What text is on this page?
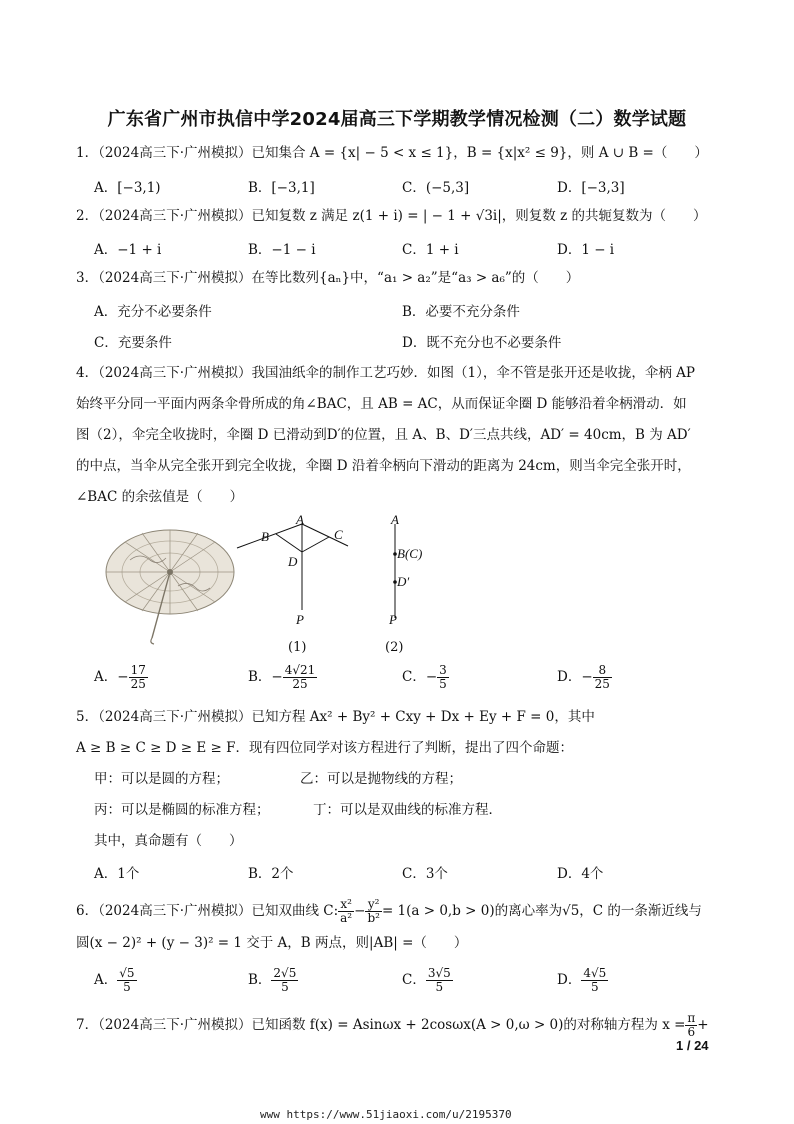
广东省广州市执信中学2024届高三下学期教学情况检测（二）数学试题
1．（2024高三下·广州模拟）已知集合 A = {x| − 5 < x ≤ 1}，B = {x|x² ≤ 9}，则 A ∪ B =（　　）
A．[−3,1)	B．[−3,1]	C．(−5,3]	D．[−3,3]
2．（2024高三下·广州模拟）已知复数 z 满足 z(1 + i) = | − 1 + √3i|，则复数 z 的共轭复数为（　　）
A．−1 + i	B．−1 − i	C．1 + i	D．1 − i
3．（2024高三下·广州模拟）在等比数列{aₙ}中，“a₁ > a₂”是“a₃ > a₆”的（　　）
A．充分不必要条件	B．必要不充分条件
C．充要条件	D．既不充分也不必要条件
4．（2024高三下·广州模拟）我国油纸伞的制作工艺巧妙．如图（1），伞不管是张开还是收拢，伞柄 AP
始终平分同一平面内两条伞骨所成的角∠BAC，且 AB = AC，从而保证伞圈 D 能够沿着伞柄滑动．如
图（2），伞完全收拢时，伞圈 D 已滑动到D′的位置，且 A、B、D′三点共线，AD′ = 40cm，B 为 AD′
的中点，当伞从完全张开到完全收拢，伞圈 D 沿着伞柄向下滑动的距离为 24cm，则当伞完全张开时，
∠BAC 的余弦值是（　　）
A
B	C
D
P
(1)
A
B(C)
D′
P
(2)
A．− $\frac{17}{25}$	B．− $\frac{4√21}{25}$	C．− $\frac{3}{5}$	D．− $\frac{8}{25}$
5．（2024高三下·广州模拟）已知方程 Ax² + By² + Cxy + Dx + Ey + F = 0，其中
A ≥ B ≥ C ≥ D ≥ E ≥ F．现有四位同学对该方程进行了判断，提出了四个命题：
甲：可以是圆的方程；	乙：可以是抛物线的方程；
丙：可以是椭圆的标准方程；	丁：可以是双曲线的标准方程．
其中，真命题有（　　）
A．1个	B．2个	C．3个	D．4个
6．（2024高三下·广州模拟）已知双曲线 C: $\frac{\text{x²}}{\text{a²}} - \frac{\text{y²}}{\text{b²}} = 1(a > 0,b > 0)$的离心率为√5，C 的一条渐近线与
圆(x − 2)² + (y − 3)² = 1 交于 A，B 两点，则|AB| =（　　）
A． $\frac{√5}{5}$	B． $\frac{2√5}{5}$	C． $\frac{3√5}{5}$	D． $\frac{4√5}{5}$
7．（2024高三下·广州模拟）已知函数 f(x) = Asinωx + 2cosωx(A > 0,ω > 0)的对称轴方程为 $x = \frac{\pi}{6}$ +
1 / 24
www https://www.51jiaoxi.com/u/2195370
